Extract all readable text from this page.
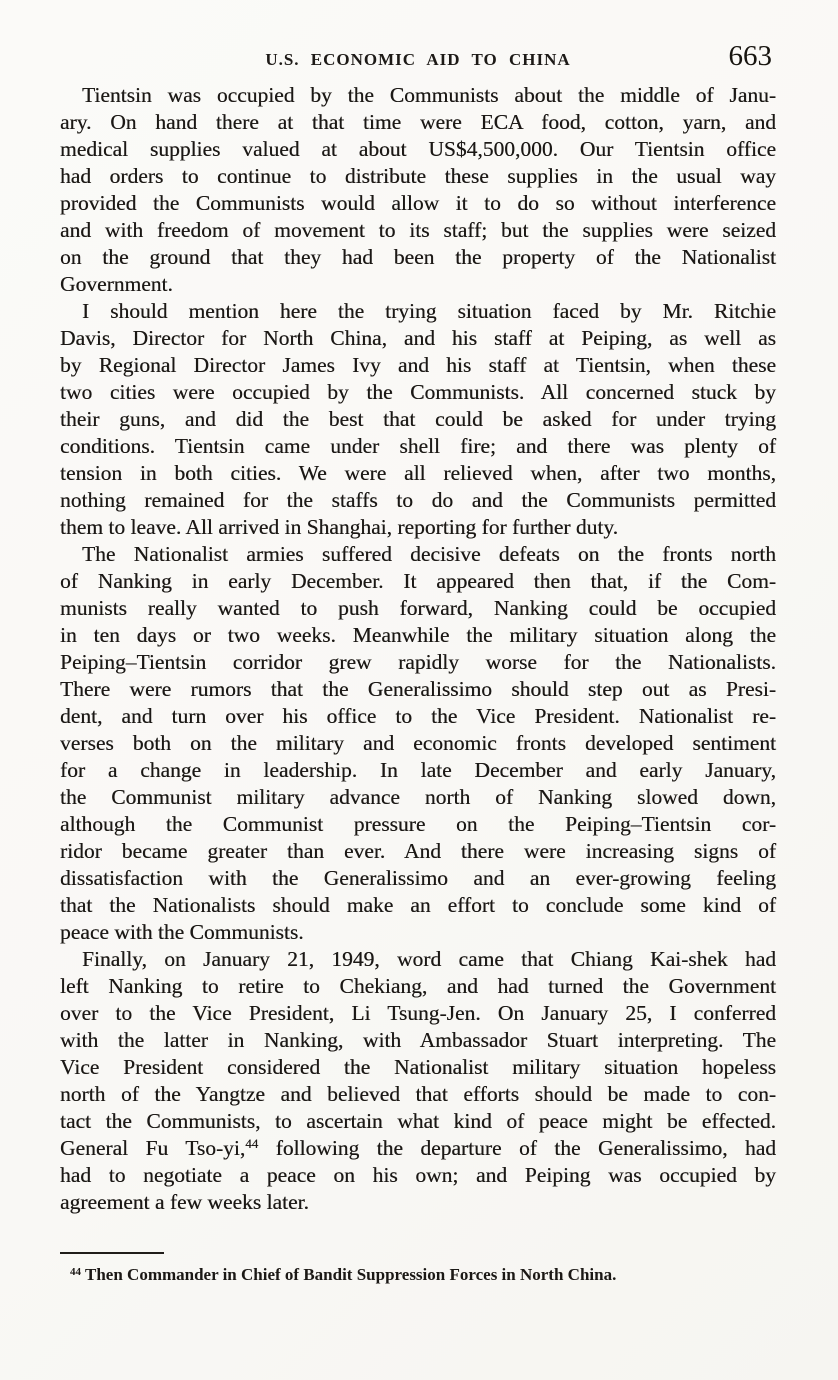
U.S. ECONOMIC AID TO CHINA	663
Tientsin was occupied by the Communists about the middle of Janu-
ary. On hand there at that time were ECA food, cotton, yarn, and
medical supplies valued at about US$4,500,000. Our Tientsin office
had orders to continue to distribute these supplies in the usual way
provided the Communists would allow it to do so without interference
and with freedom of movement to its staff; but the supplies were seized
on the ground that they had been the property of the Nationalist
Government.
I should mention here the trying situation faced by Mr. Ritchie
Davis, Director for North China, and his staff at Peiping, as well as
by Regional Director James Ivy and his staff at Tientsin, when these
two cities were occupied by the Communists. All concerned stuck by
their guns, and did the best that could be asked for under trying
conditions. Tientsin came under shell fire; and there was plenty of
tension in both cities. We were all relieved when, after two months,
nothing remained for the staffs to do and the Communists permitted
them to leave. All arrived in Shanghai, reporting for further duty.
The Nationalist armies suffered decisive defeats on the fronts north
of Nanking in early December. It appeared then that, if the Com-
munists really wanted to push forward, Nanking could be occupied
in ten days or two weeks. Meanwhile the military situation along the
Peiping–Tientsin corridor grew rapidly worse for the Nationalists.
There were rumors that the Generalissimo should step out as Presi-
dent, and turn over his office to the Vice President. Nationalist re-
verses both on the military and economic fronts developed sentiment
for a change in leadership. In late December and early January,
the Communist military advance north of Nanking slowed down,
although the Communist pressure on the Peiping–Tientsin cor-
ridor became greater than ever. And there were increasing signs of
dissatisfaction with the Generalissimo and an ever-growing feeling
that the Nationalists should make an effort to conclude some kind of
peace with the Communists.
Finally, on January 21, 1949, word came that Chiang Kai-shek had
left Nanking to retire to Chekiang, and had turned the Government
over to the Vice President, Li Tsung-Jen. On January 25, I conferred
with the latter in Nanking, with Ambassador Stuart interpreting. The
Vice President considered the Nationalist military situation hopeless
north of the Yangtze and believed that efforts should be made to con-
tact the Communists, to ascertain what kind of peace might be effected.
General Fu Tso-yi,$^{44}$ following the departure of the Generalissimo, had
had to negotiate a peace on his own; and Peiping was occupied by
agreement a few weeks later.
$^{44}$ Then Commander in Chief of Bandit Suppression Forces in North China.
